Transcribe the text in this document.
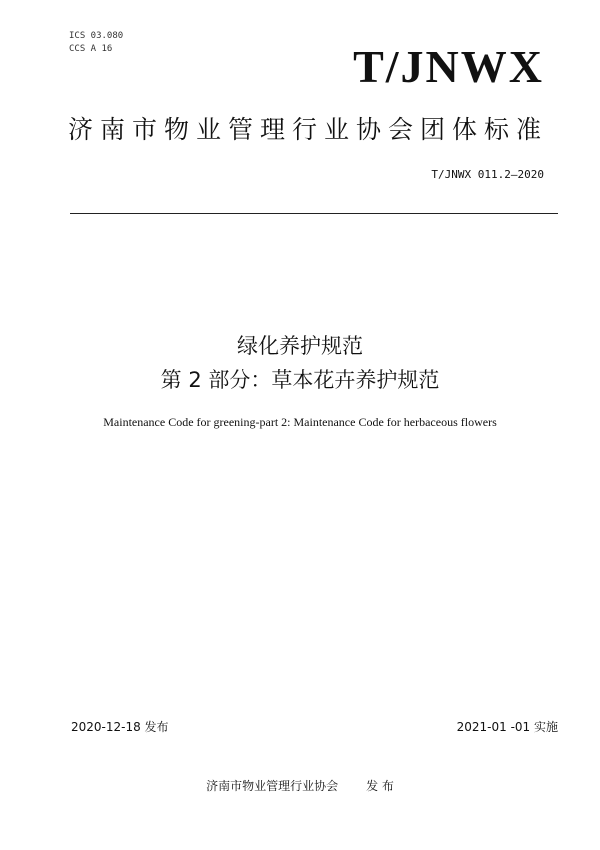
ICS 03.080
CCS A 16	T/JNWX
济南市物业管理行业协会团体标准
T/JNWX 011.2—2020
绿化养护规范
第 2 部分：草本花卉养护规范
Maintenance Code for greening-part 2: Maintenance Code for herbaceous flowers
2020-12-18 发布	2021-01 -01 实施
济南市物业管理行业协会 发 布
